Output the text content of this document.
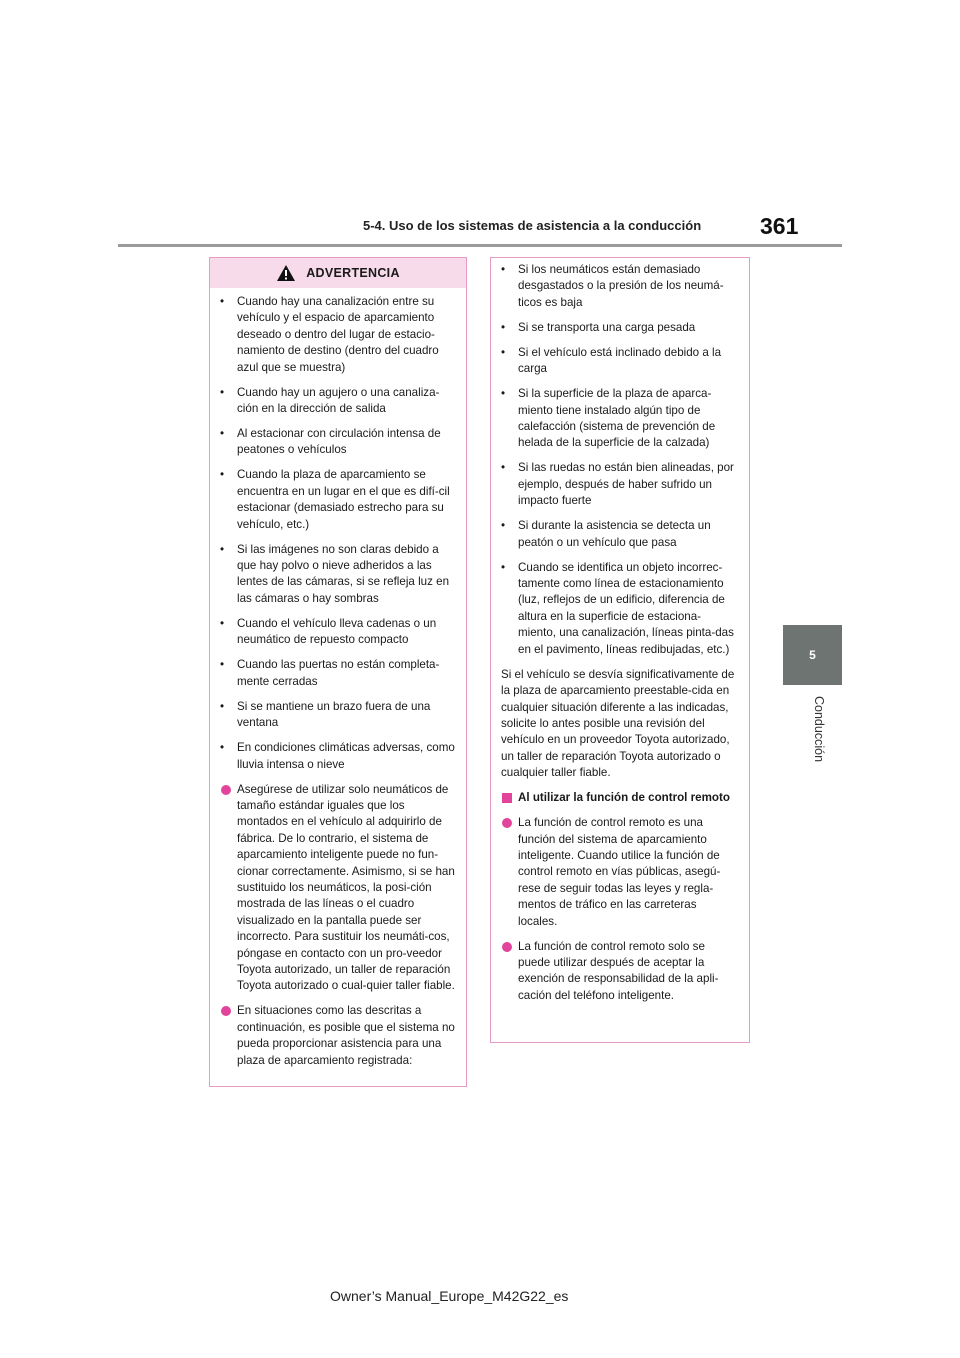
5-4. Uso de los sistemas de asistencia a la conducción	361
5
Conducción
ADVERTENCIA
• Cuando hay una canalización entre su vehículo y el espacio de aparcamiento deseado o dentro del lugar de estacio-namiento de destino (dentro del cuadro azul que se muestra)
• Cuando hay un agujero o una canaliza-ción en la dirección de salida
• Al estacionar con circulación intensa de peatones o vehículos
• Cuando la plaza de aparcamiento se encuentra en un lugar en el que es difí-cil estacionar (demasiado estrecho para su vehículo, etc.)
• Si las imágenes no son claras debido a que hay polvo o nieve adheridos a las lentes de las cámaras, si se refleja luz en las cámaras o hay sombras
• Cuando el vehículo lleva cadenas o un neumático de repuesto compacto
• Cuando las puertas no están completa-mente cerradas
• Si se mantiene un brazo fuera de una ventana
• En condiciones climáticas adversas, como lluvia intensa o nieve
Asegúrese de utilizar solo neumáticos de tamaño estándar iguales que los montados en el vehículo al adquirirlo de fábrica. De lo contrario, el sistema de aparcamiento inteligente puede no fun-cionar correctamente. Asimismo, si se han sustituido los neumáticos, la posi-ción mostrada de las líneas o el cuadro visualizado en la pantalla puede ser incorrecto. Para sustituir los neumáti-cos, póngase en contacto con un pro-veedor Toyota autorizado, un taller de reparación Toyota autorizado o cual-quier taller fiable.
En situaciones como las descritas a continuación, es posible que el sistema no pueda proporcionar asistencia para una plaza de aparcamiento registrada:
• Si los neumáticos están demasiado desgastados o la presión de los neumá-ticos es baja
• Si se transporta una carga pesada
• Si el vehículo está inclinado debido a la carga
• Si la superficie de la plaza de aparca-miento tiene instalado algún tipo de calefacción (sistema de prevención de helada de la superficie de la calzada)
• Si las ruedas no están bien alineadas, por ejemplo, después de haber sufrido un impacto fuerte
• Si durante la asistencia se detecta un peatón o un vehículo que pasa
• Cuando se identifica un objeto incorrec-tamente como línea de estacionamiento (luz, reflejos de un edificio, diferencia de altura en la superficie de estaciona-miento, una canalización, líneas pinta-das en el pavimento, líneas redibujadas, etc.)
Si el vehículo se desvía significativamente de la plaza de aparcamiento preestable-cida en cualquier situación diferente a las indicadas, solicite lo antes posible una revisión del vehículo en un proveedor Toyota autorizado, un taller de reparación Toyota autorizado o cualquier taller fiable.
Al utilizar la función de control remoto
La función de control remoto es una función del sistema de aparcamiento inteligente. Cuando utilice la función de control remoto en vías públicas, asegú-rese de seguir todas las leyes y regla-mentos de tráfico en las carreteras locales.
La función de control remoto solo se puede utilizar después de aceptar la exención de responsabilidad de la apli-cación del teléfono inteligente.
Owner’s Manual_Europe_M42G22_es
